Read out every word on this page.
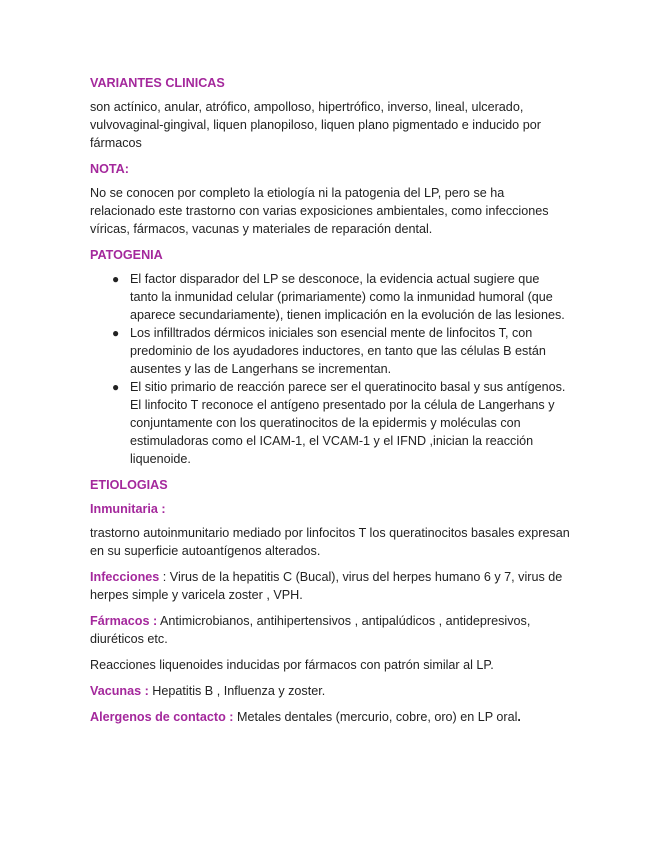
VARIANTES CLINICAS

son actínico, anular, atrófico, ampolloso, hipertrófico, inverso, lineal, ulcerado, vulvovaginal-gingival, liquen planopiloso, liquen plano pigmentado e inducido por fármacos

NOTA:

No se conocen por completo la etiología ni la patogenia del LP, pero se ha relacionado este trastorno con varias exposiciones ambientales, como infecciones víricas, fármacos, vacunas y materiales de reparación dental.

PATOGENIA
● El factor disparador del LP se desconoce, la evidencia actual sugiere que tanto la inmunidad celular (primariamente) como la inmunidad humoral (que aparece secundariamente), tienen implicación en la evolución de las lesiones.
● Los infilltrados dérmicos iniciales son esencial mente de linfocitos T, con predominio de los ayudadores inductores, en tanto que las células B están ausentes y las de Langerhans se incrementan.
● El sitio primario de reacción parece ser el queratinocito basal y sus antígenos. El linfocito T reconoce el antígeno presentado por la célula de Langerhans y conjuntamente con los queratinocitos de la epidermis y moléculas con estimuladoras como el ICAM-1, el VCAM-1 y el IFND ,inician la reacción liquenoide.
ETIOLOGIAS
Inmunitaria :

trastorno autoinmunitario mediado por linfocitos T los queratinocitos basales expresan en su superficie autoantígenos alterados.

Infecciones : Virus de la hepatitis C (Bucal), virus del herpes humano 6 y 7, virus de herpes simple y varicela zoster , VPH.

Fármacos : Antimicrobianos, antihipertensivos , antipalúdicos , antidepresivos, diuréticos etc.

Reacciones liquenoides inducidas por fármacos con patrón similar al LP.

Vacunas : Hepatitis B , Influenza y zoster.

Alergenos de contacto : Metales dentales (mercurio, cobre, oro) en LP oral.
